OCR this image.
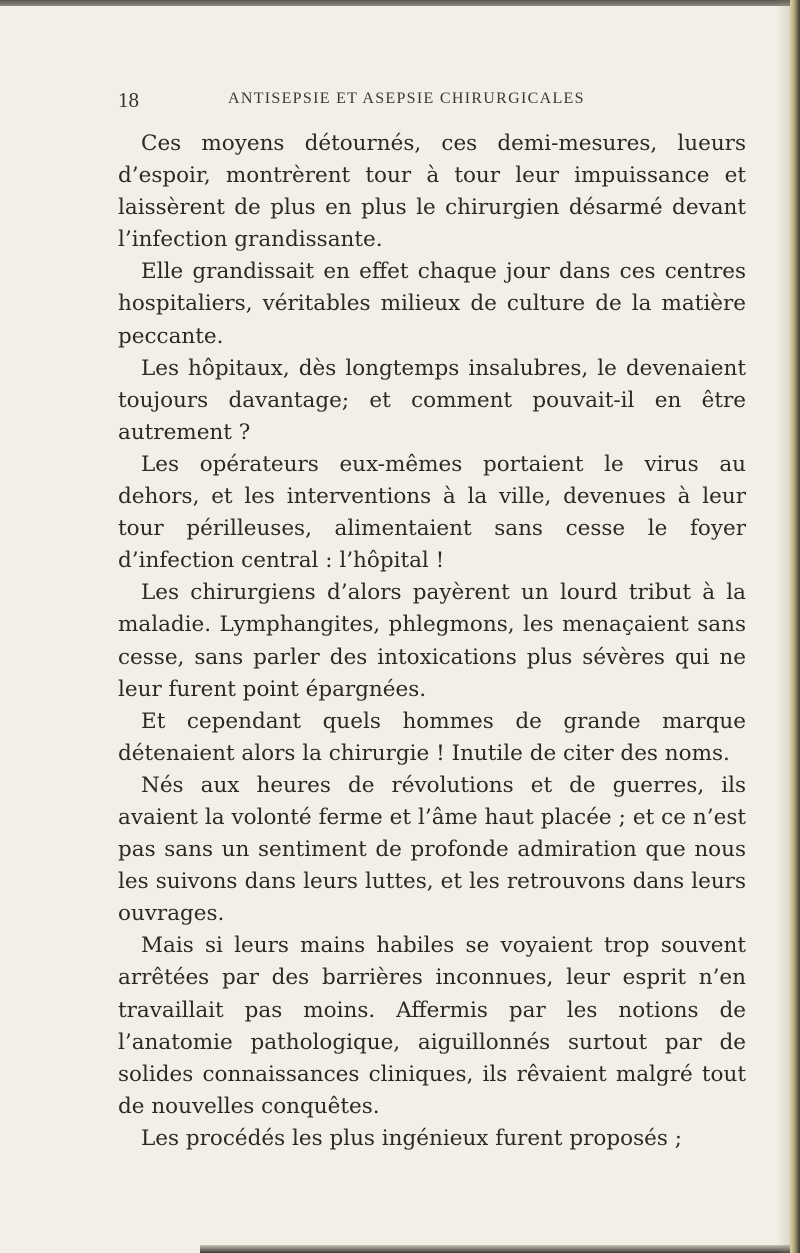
18	ANTISEPSIE ET ASEPSIE CHIRURGICALES

Ces moyens détournés, ces demi-mesures, lueurs d’espoir, montrèrent tour à tour leur impuissance et laissèrent de plus en plus le chirurgien désarmé devant l’infection grandissante.

Elle grandissait en effet chaque jour dans ces centres hospitaliers, véritables milieux de culture de la matière peccante.

Les hôpitaux, dès longtemps insalubres, le devenaient toujours davantage; et comment pouvait-il en être autrement ?

Les opérateurs eux-mêmes portaient le virus au dehors, et les interventions à la ville, devenues à leur tour périlleuses, alimentaient sans cesse le foyer d’infection central : l’hôpital !

Les chirurgiens d’alors payèrent un lourd tribut à la maladie. Lymphangites, phlegmons, les menaçaient sans cesse, sans parler des intoxications plus sévères qui ne leur furent point épargnées.

Et cependant quels hommes de grande marque détenaient alors la chirurgie ! Inutile de citer des noms.

Nés aux heures de révolutions et de guerres, ils avaient la volonté ferme et l’âme haut placée ; et ce n’est pas sans un sentiment de profonde admiration que nous les suivons dans leurs luttes, et les retrouvons dans leurs ouvrages.

Mais si leurs mains habiles se voyaient trop souvent arrêtées par des barrières inconnues, leur esprit n’en travaillait pas moins. Affermis par les notions de l’anatomie pathologique, aiguillonnés surtout par de solides connaissances cliniques, ils rêvaient malgré tout de nouvelles conquêtes.

Les procédés les plus ingénieux furent proposés ;
